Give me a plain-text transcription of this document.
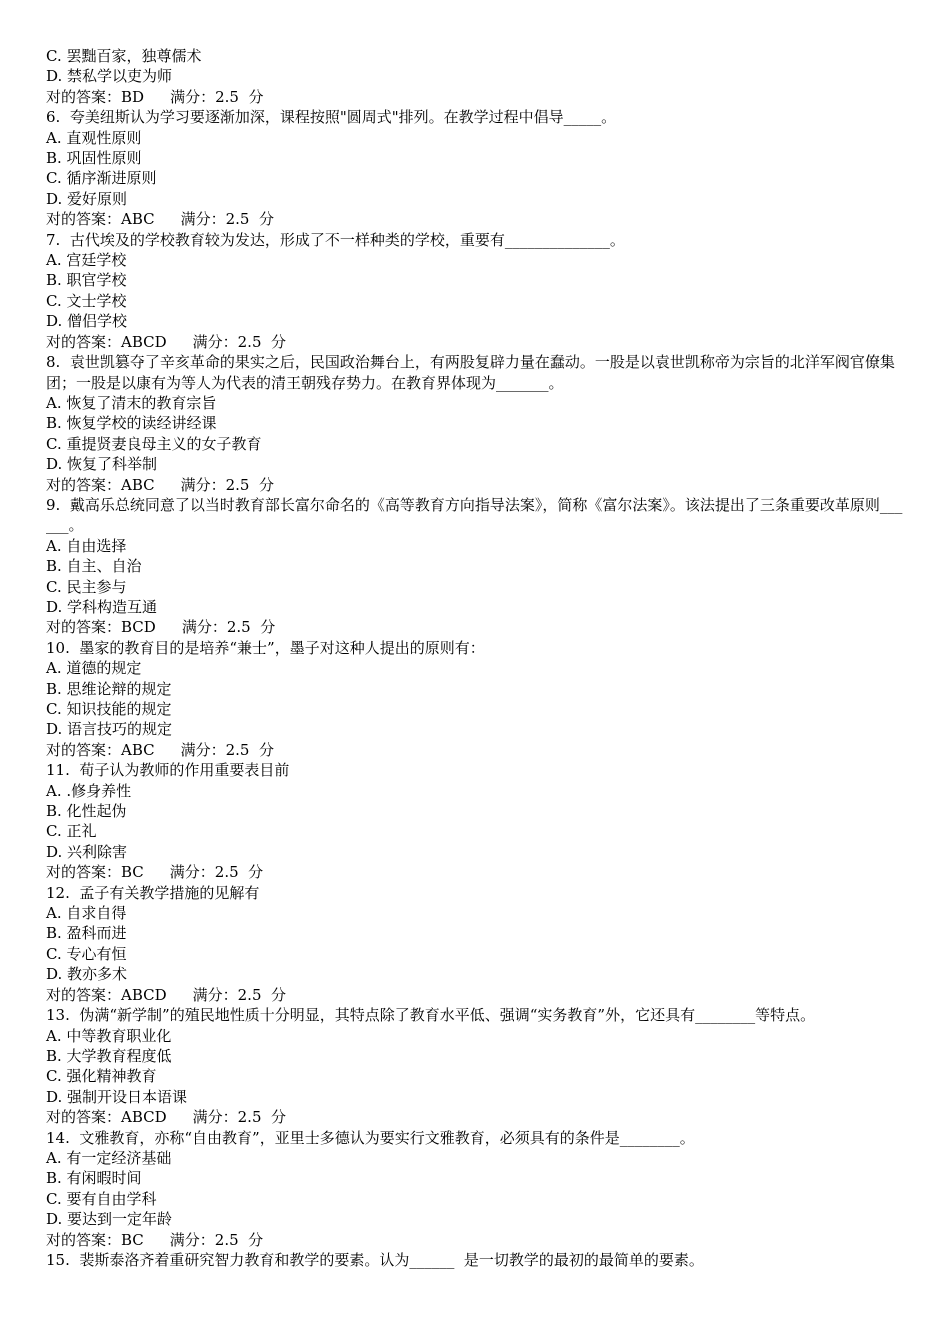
C. 罢黜百家，独尊儒术
D. 禁私学以吏为师
对的答案：BD 满分：2.5  分
6.  夸美纽斯认为学习要逐渐加深，课程按照"圆周式"排列。在教学过程中倡导_____。
A. 直观性原则
B. 巩固性原则
C. 循序渐进原则
D. 爱好原则
对的答案：ABC 满分：2.5  分
7.  古代埃及的学校教育较为发达，形成了不一样种类的学校，重要有______________。
A. 宫廷学校
B. 职官学校
C. 文士学校
D. 僧侣学校
对的答案：ABCD 满分：2.5  分
8.  袁世凯篡夺了辛亥革命的果实之后，民国政治舞台上，有两股复辟力量在蠢动。一股是以袁世凯称帝为宗旨的北洋军阀官僚集团；一股是以康有为等人为代表的清王朝残存势力。在教育界体现为_______。
A. 恢复了清末的教育宗旨
B. 恢复学校的读经讲经课
C. 重提贤妻良母主义的女子教育
D. 恢复了科举制
对的答案：ABC 满分：2.5  分
9.  戴高乐总统同意了以当时教育部长富尔命名的《高等教育方向指导法案》，简称《富尔法案》。该法提出了三条重要改革原则______。
A. 自由选择
B. 自主、自治
C. 民主参与
D. 学科构造互通
对的答案：BCD 满分：2.5  分
10.  墨家的教育目的是培养“兼士”，墨子对这种人提出的原则有：
A. 道德的规定
B. 思维论辩的规定
C. 知识技能的规定
D. 语言技巧的规定
对的答案：ABC 满分：2.5  分
11.  荀子认为教师的作用重要表目前
A. .修身养性
B. 化性起伪
C. 正礼
D. 兴利除害
对的答案：BC 满分：2.5  分
12.  孟子有关教学措施的见解有
A. 自求自得
B. 盈科而进
C. 专心有恒
D. 教亦多术
对的答案：ABCD 满分：2.5  分
13.  伪满“新学制”的殖民地性质十分明显，其特点除了教育水平低、强调“实务教育”外，它还具有________等特点。
A. 中等教育职业化
B. 大学教育程度低
C. 强化精神教育
D. 强制开设日本语课
对的答案：ABCD 满分：2.5  分
14.  文雅教育，亦称“自由教育”，亚里士多德认为要实行文雅教育，必须具有的条件是________。
A. 有一定经济基础
B. 有闲暇时间
C. 要有自由学科
D. 要达到一定年龄
对的答案：BC 满分：2.5  分
15.  裴斯泰洛齐着重研究智力教育和教学的要素。认为______  是一切教学的最初的最简单的要素。
